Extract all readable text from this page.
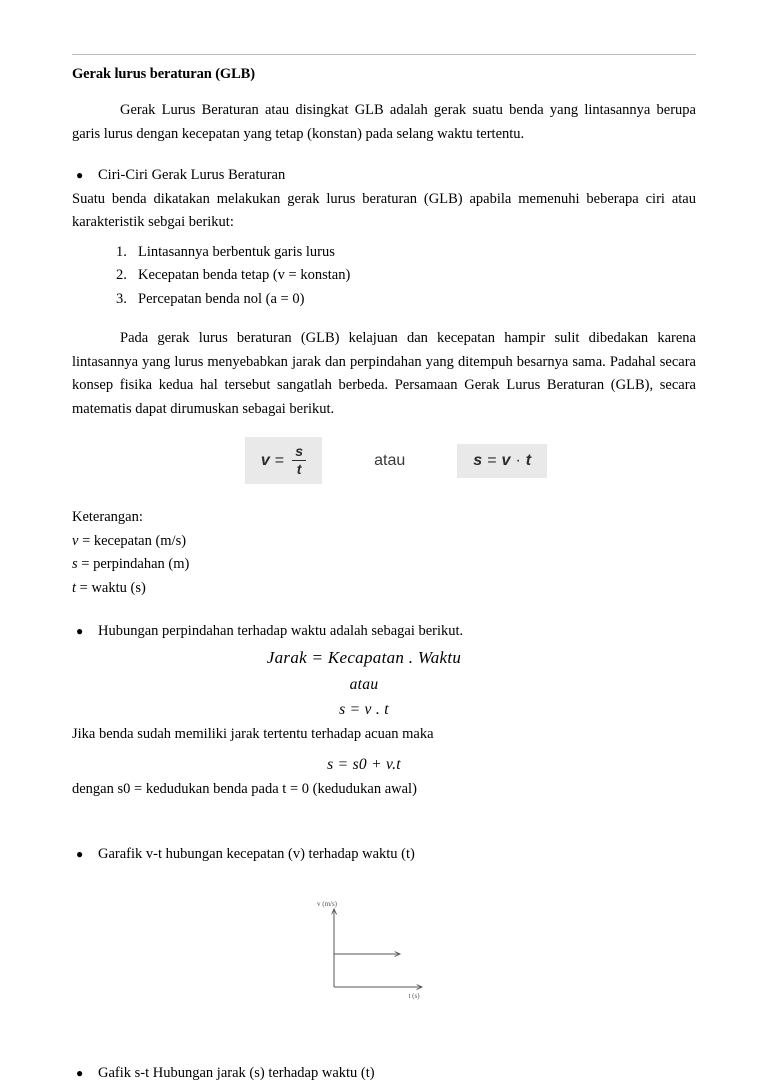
Gerak lurus beraturan (GLB)

Gerak Lurus Beraturan atau disingkat GLB adalah gerak suatu benda yang lintasannya berupa garis lurus dengan kecepatan yang tetap (konstan) pada selang waktu tertentu.

●	Ciri-Ciri Gerak Lurus Beraturan

Suatu benda dikatakan melakukan gerak lurus beraturan (GLB) apabila memenuhi beberapa ciri atau karakteristik sebgai berikut:

1. Lintasannya berbentuk garis lurus
2. Kecepatan benda tetap (v = konstan)
3. Percepatan benda nol (a = 0)

Pada gerak lurus beraturan (GLB) kelajuan dan kecepatan hampir sulit dibedakan karena lintasannya yang lurus menyebabkan jarak dan perpindahan yang ditempuh besarnya sama. Padahal secara konsep fisika kedua hal tersebut sangatlah berbeda. Persamaan Gerak Lurus Beraturan (GLB), secara matematis dapat dirumuskan sebagai berikut.

$v = \frac{s}{t}$	atau	s = v · t
Keterangan:
v = kecepatan (m/s)
s = perpindahan (m)
t = waktu (s)
●	Hubungan perpindahan terhadap waktu adalah sebagai berikut.
Jarak = Kecapatan . Waktu
atau
s = v . t

Jika benda sudah memiliki jarak tertentu terhadap acuan maka

s = s0 + v.t

dengan s0 = kedudukan benda pada t = 0 (kedudukan awal)

●	Garafik v-t hubungan kecepatan (v) terhadap waktu (t)
v (m/s)
t (s)
●	Gafik s-t Hubungan jarak (s) terhadap waktu (t)
